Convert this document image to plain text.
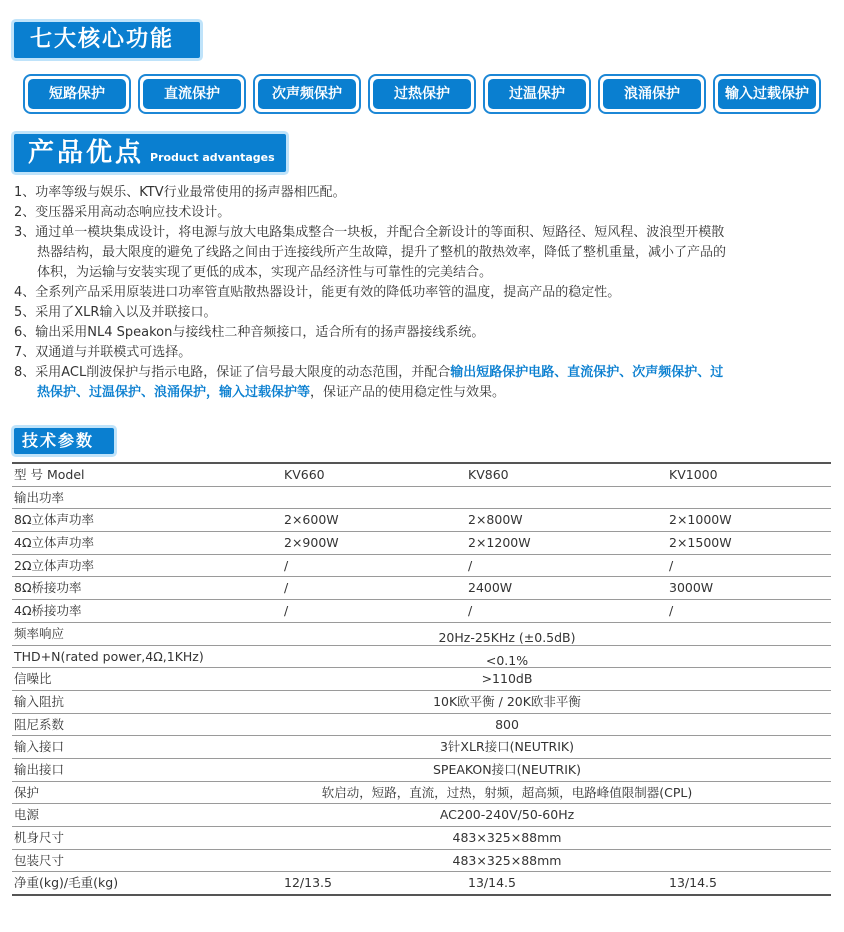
七大核心功能
短路保护	直流保护	次声频保护	过热保护	过温保护	浪涌保护	输入过载保护
产品优点 Product advantages

1、功率等级与娱乐、KTV行业最常使用的扬声器相匹配。

2、变压器采用高动态响应技术设计。

3、通过单一模块集成设计，将电源与放大电路集成整合一块板，并配合全新设计的等面积、短路径、短风程、波浪型开模散

热器结构，最大限度的避免了线路之间由于连接线所产生故障，提升了整机的散热效率，降低了整机重量，减小了产品的

体积，为运输与安装实现了更低的成本，实现产品经济性与可靠性的完美结合。

4、全系列产品采用原装进口功率管直贴散热器设计，能更有效的降低功率管的温度，提高产品的稳定性。

5、采用了XLR输入以及并联接口。

6、输出采用NL4 Speakon与接线柱二种音频接口，适合所有的扬声器接线系统。

7、双通道与并联模式可选择。

8、采用ACL削波保护与指示电路，保证了信号最大限度的动态范围，并配合输出短路保护电路、直流保护、次声频保护、过

热保护、过温保护、浪涌保护，输入过载保护等，保证产品的使用稳定性与效果。

技术参数
型 号 Model	KV660	KV860	KV1000
输出功率
8Ω立体声功率	2×600W	2×800W	2×1000W
4Ω立体声功率	2×900W	2×1200W	2×1500W
2Ω立体声功率	/	/	/
8Ω桥接功率	/	2400W	3000W
4Ω桥接功率	/	/	/
频率响应	20Hz-25KHz (±0.5dB)
THD+N(rated power,4Ω,1KHz)	<0.1%
信噪比	>110dB
输入阻抗	10K欧平衡 / 20K欧非平衡
阻尼系数	800
输入接口	3针XLR接口(NEUTRIK)
输出接口	SPEAKON接口(NEUTRIK)
保护	软启动，短路，直流，过热，射频，超高频，电路峰值限制器(CPL)
电源	AC200-240V/50-60Hz
机身尺寸	483×325×88mm
包装尺寸	483×325×88mm
净重(kg)/毛重(kg)	12/13.5	13/14.5	13/14.5
